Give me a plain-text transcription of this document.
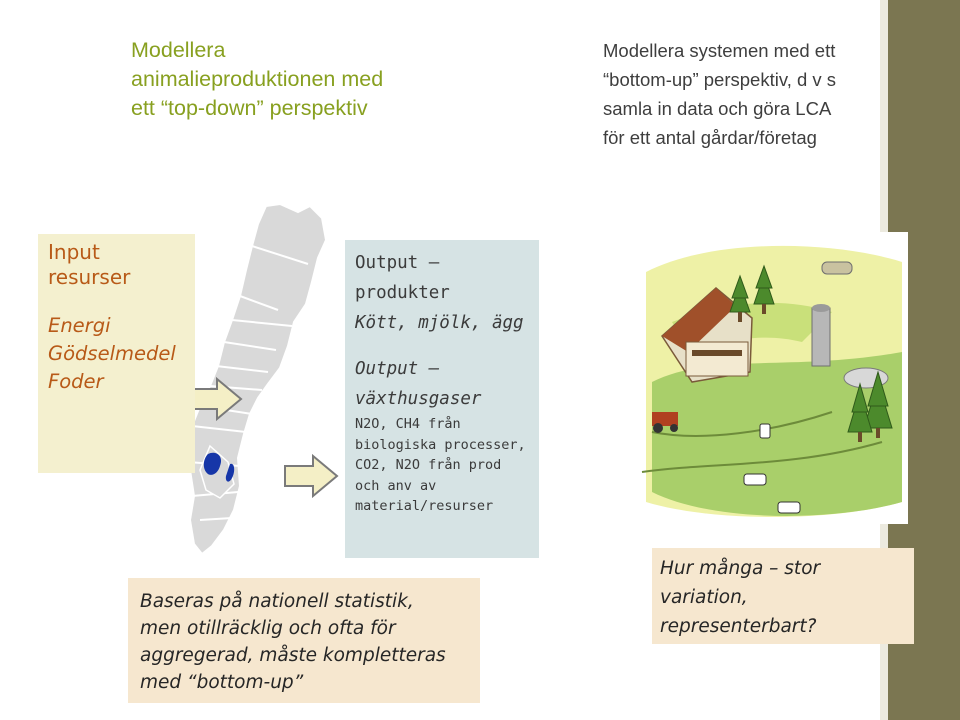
Modellera
animalieproduktionen med
ett “top-down” perspektiv
Modellera systemen med ett
“bottom-up” perspektiv, d v s
samla in data och göra LCA
för ett antal gårdar/företag
Input
resurser
Energi
Gödselmedel
Foder
Output –
produkter
Kött, mjölk, ägg
Output –
växthusgaser
N2O, CH4 från
biologiska processer,
CO2, N2O från prod
och anv av
material/resurser
Baseras på nationell statistik,
men otillräcklig och ofta för
aggregerad, måste kompletteras
med “bottom-up”
Hur många – stor
variation,
representerbart?
